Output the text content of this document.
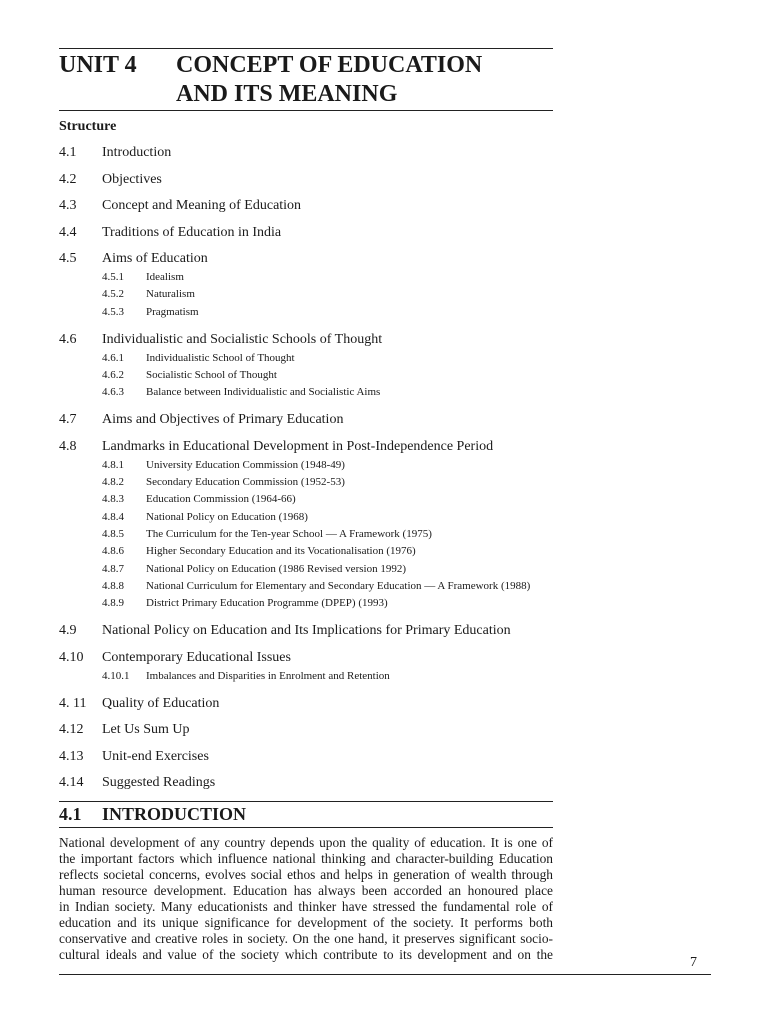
UNIT 4 CONCEPT OF EDUCATION
AND ITS MEANING
Structure
4.1	Introduction
4.2	Objectives
4.3	Concept and Meaning of Education
4.4	Traditions of Education in India
4.5	Aims of Education
4.5.1	Idealism
4.5.2	Naturalism
4.5.3	Pragmatism
4.6	Individualistic and Socialistic Schools of Thought
4.6.1	Individualistic School of Thought
4.6.2	Socialistic School of Thought
4.6.3	Balance between Individualistic and Socialistic Aims
4.7	Aims and Objectives of Primary Education
4.8	Landmarks in Educational Development in Post-Independence Period
4.8.1	University Education Commission (1948-49)
4.8.2	Secondary Education Commission (1952-53)
4.8.3	Education Commission (1964-66)
4.8.4	National Policy on Education (1968)
4.8.5	The Curriculum for the Ten-year School — A Framework (1975)
4.8.6	Higher Secondary Education and its Vocationalisation (1976)
4.8.7	National Policy on Education (1986 Revised version 1992)
4.8.8	National Curriculum for Elementary and Secondary Education — A Framework (1988)
4.8.9	District Primary Education Programme (DPEP) (1993)
4.9	National Policy on Education and Its Implications for Primary Education
4.10	Contemporary Educational Issues
4.10.1	Imbalances and Disparities in Enrolment and Retention
4. 11	Quality of Education
4.12	Let Us Sum Up
4.13	Unit-end Exercises
4.14	Suggested Readings
4.1 INTRODUCTION
National development of any country depends upon the quality of education. It is one of
the important factors which influence national thinking and character-building Education
reflects societal concerns, evolves social ethos and helps in generation of wealth through
human resource development. Education has always been accorded an honoured place
in Indian society. Many educationists and thinker have stressed the fundamental role of
education and its unique significance for development of the society. It performs both
conservative and creative roles in society. On the one hand, it preserves significant socio-
cultural ideals and value of the society which contribute to its development and on the
7
